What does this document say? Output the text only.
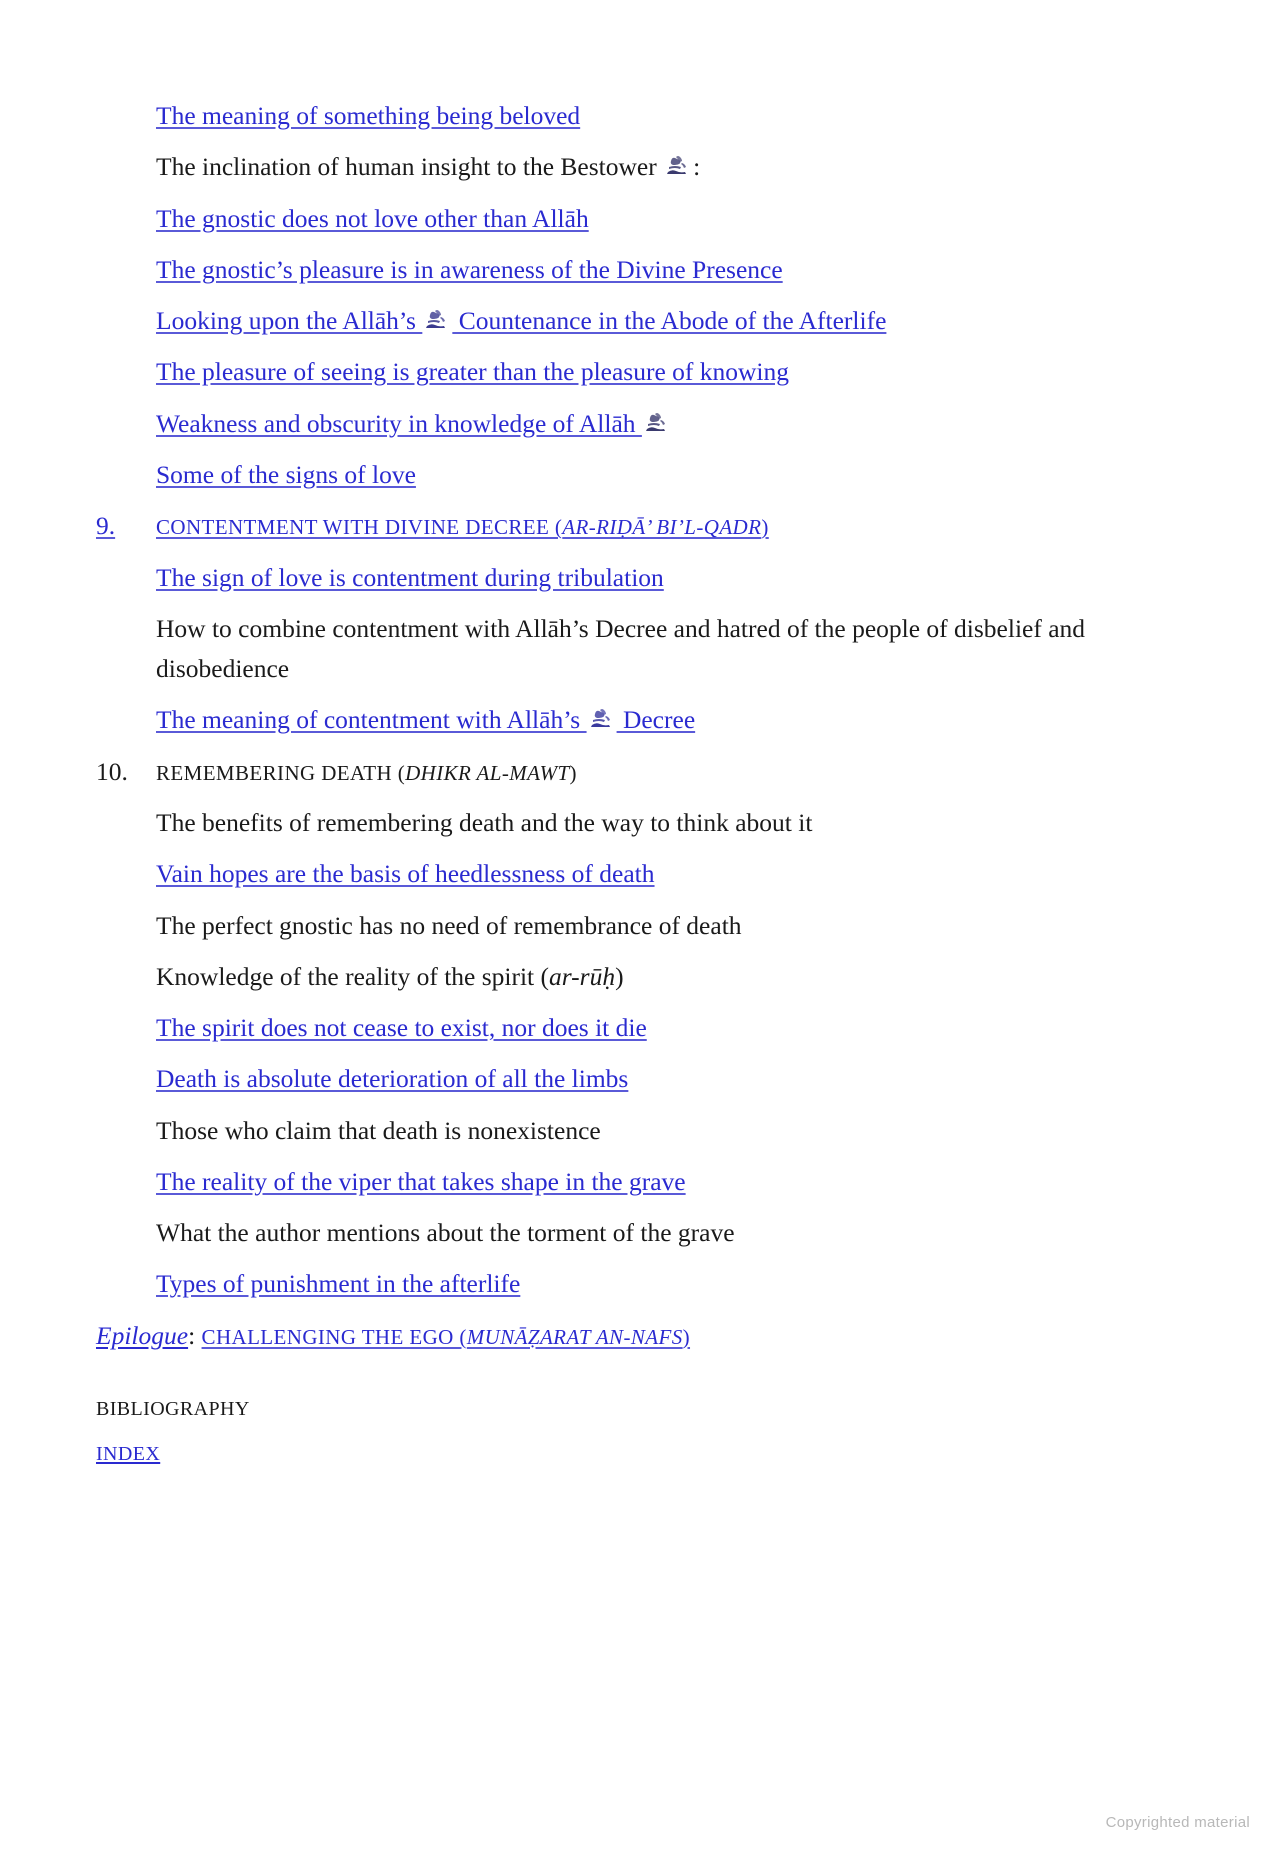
The meaning of something being beloved
The inclination of human insight to the Bestower
:
The gnostic does not love other than Allāh
The gnostic’s pleasure is in awareness of the Divine Presence
Looking upon the Allāh’s
Countenance in the Abode of the Afterlife
The pleasure of seeing is greater than the pleasure of knowing
Weakness and obscurity in knowledge of Allāh
Some of the signs of love
9.	CONTENTMENT WITH DIVINE DECREE (AR-RIḌĀ’ BI’L-QADR)
The sign of love is contentment during tribulation
How to combine contentment with Allāh’s Decree and hatred of the people of disbelief and disobedience
The meaning of contentment with Allāh’s
Decree
10.	REMEMBERING DEATH (DHIKR AL-MAWT)
The benefits of remembering death and the way to think about it
Vain hopes are the basis of heedlessness of death
The perfect gnostic has no need of remembrance of death
Knowledge of the reality of the spirit (ar-rūḥ)
The spirit does not cease to exist, nor does it die
Death is absolute deterioration of all the limbs
Those who claim that death is nonexistence
The reality of the viper that takes shape in the grave
What the author mentions about the torment of the grave
Types of punishment in the afterlife
Epilogue: CHALLENGING THE EGO (MUNĀẒARAT AN-NAFS)
BIBLIOGRAPHY
INDEX
Copyrighted material
